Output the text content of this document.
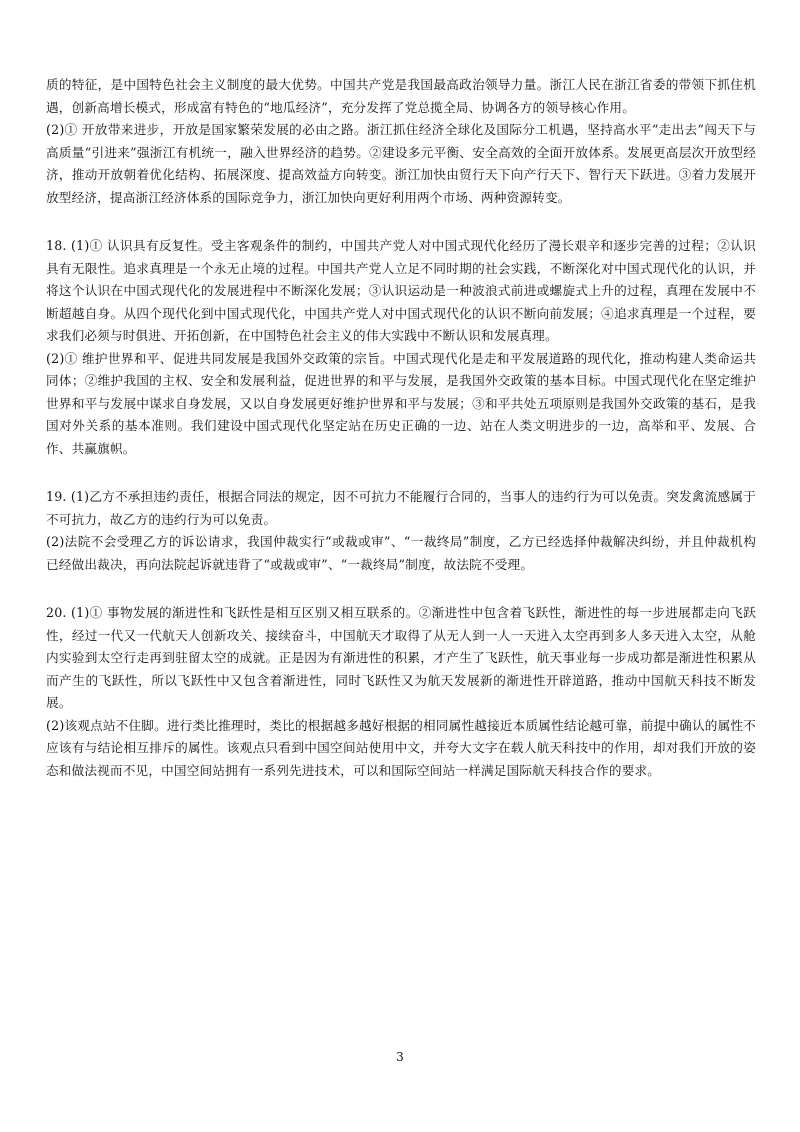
质的特征，是中国特色社会主义制度的最大优势。中国共产党是我国最高政治领导力量。浙江人民在浙江省委的带领下抓住机遇，创新高增长模式，形成富有特色的“地瓜经济”，充分发挥了党总揽全局、协调各方的领导核心作用。

(2)① 开放带来进步，开放是国家繁荣发展的必由之路。浙江抓住经济全球化及国际分工机遇，坚持高水平“走出去”闯天下与高质量“引进来”强浙江有机统一，融入世界经济的趋势。②建设多元平衡、安全高效的全面开放体系。发展更高层次开放型经济，推动开放朝着优化结构、拓展深度、提高效益方向转变。浙江加快由贸行天下向产行天下、智行天下跃进。③着力发展开放型经济，提高浙江经济体系的国际竞争力，浙江加快向更好利用两个市场、两种资源转变。

18. (1)① 认识具有反复性。受主客观条件的制约，中国共产党人对中国式现代化经历了漫长艰辛和逐步完善的过程；②认识具有无限性。追求真理是一个永无止境的过程。中国共产党人立足不同时期的社会实践，不断深化对中国式现代化的认识，并将这个认识在中国式现代化的发展进程中不断深化发展；③认识运动是一种波浪式前进或螺旋式上升的过程，真理在发展中不断超越自身。从四个现代化到中国式现代化，中国共产党人对中国式现代化的认识不断向前发展；④追求真理是一个过程，要求我们必须与时俱进、开拓创新，在中国特色社会主义的伟大实践中不断认识和发展真理。

(2)① 维护世界和平、促进共同发展是我国外交政策的宗旨。中国式现代化是走和平发展道路的现代化，推动构建人类命运共同体；②维护我国的主权、安全和发展利益，促进世界的和平与发展，是我国外交政策的基本目标。中国式现代化在坚定维护世界和平与发展中谋求自身发展，又以自身发展更好维护世界和平与发展；③和平共处五项原则是我国外交政策的基石，是我国对外关系的基本准则。我们建设中国式现代化坚定站在历史正确的一边、站在人类文明进步的一边，高举和平、发展、合作、共赢旗帜。

19. (1)乙方不承担违约责任，根据合同法的规定，因不可抗力不能履行合同的，当事人的违约行为可以免责。突发禽流感属于不可抗力，故乙方的违约行为可以免责。

(2)法院不会受理乙方的诉讼请求，我国仲裁实行“或裁或审”、“一裁终局”制度，乙方已经选择仲裁解决纠纷，并且仲裁机构已经做出裁决，再向法院起诉就违背了“或裁或审”、“一裁终局”制度，故法院不受理。

20. (1)① 事物发展的渐进性和飞跃性是相互区别又相互联系的。②渐进性中包含着飞跃性，渐进性的每一步进展都走向飞跃性，经过一代又一代航天人创新攻关、接续奋斗，中国航天才取得了从无人到一人一天进入太空再到多人多天进入太空，从舱内实验到太空行走再到驻留太空的成就。正是因为有渐进性的积累，才产生了飞跃性，航天事业每一步成功都是渐进性积累从而产生的飞跃性，所以飞跃性中又包含着渐进性，同时飞跃性又为航天发展新的渐进性开辟道路，推动中国航天科技不断发展。

(2)该观点站不住脚。进行类比推理时，类比的根据越多越好根据的相同属性越接近本质属性结论越可靠，前提中确认的属性不应该有与结论相互排斥的属性。该观点只看到中国空间站使用中文，并夸大文字在载人航天科技中的作用，却对我们开放的姿态和做法视而不见，中国空间站拥有一系列先进技术，可以和国际空间站一样满足国际航天科技合作的要求。

3
